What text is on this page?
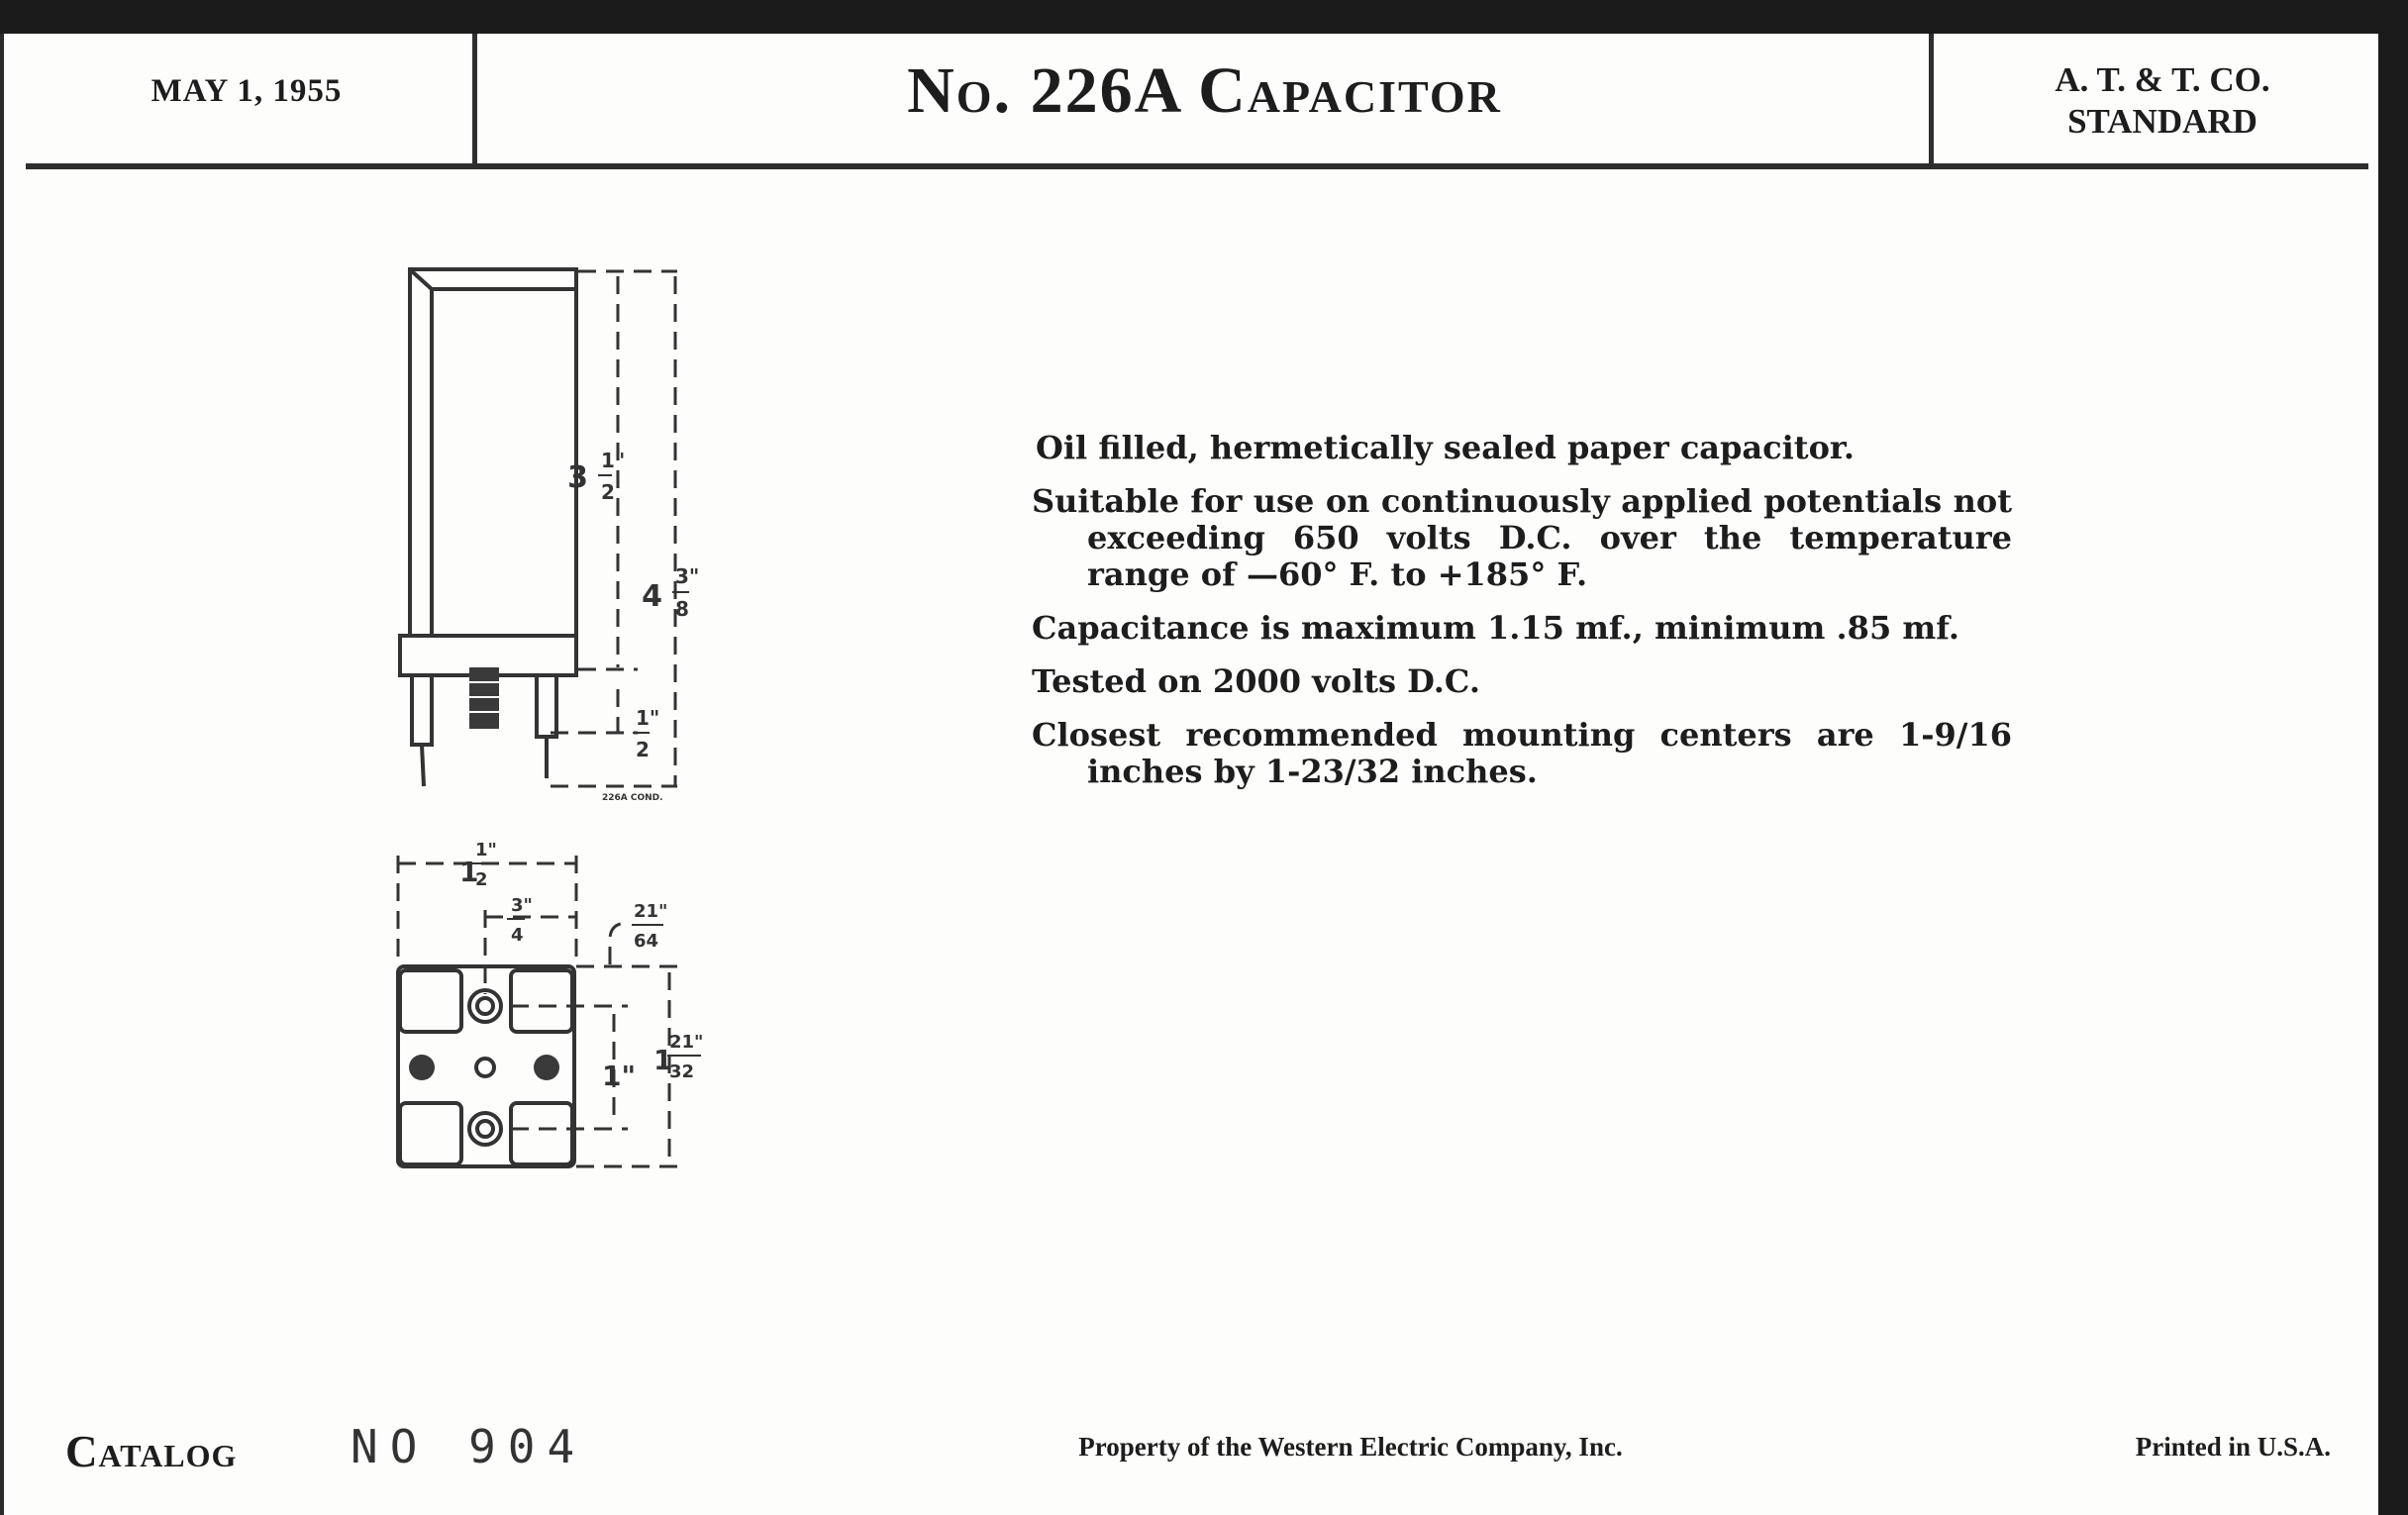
MAY 1, 1955	No. 226A Capacitor	A. T. & T. CO.
STANDARD
3 1"
2
4
3"
8
1"
2
226A COND.
1
1"
2
3"
4
21"
64
1" 1
21"
32

Oil filled, hermetically sealed paper capacitor.

Suitable for use on continuously applied potentials not exceeding 650 volts D.C. over the temperature range of —60° F. to +185° F.

Capacitance is maximum 1.15 mf., minimum .85 mf.

Tested on 2000 volts D.C.

Closest recommended mounting centers are 1-9/16 inches by 1-23/32 inches.

Catalog NO 904	Property of the Western Electric Company, Inc.	Printed in U.S.A.
